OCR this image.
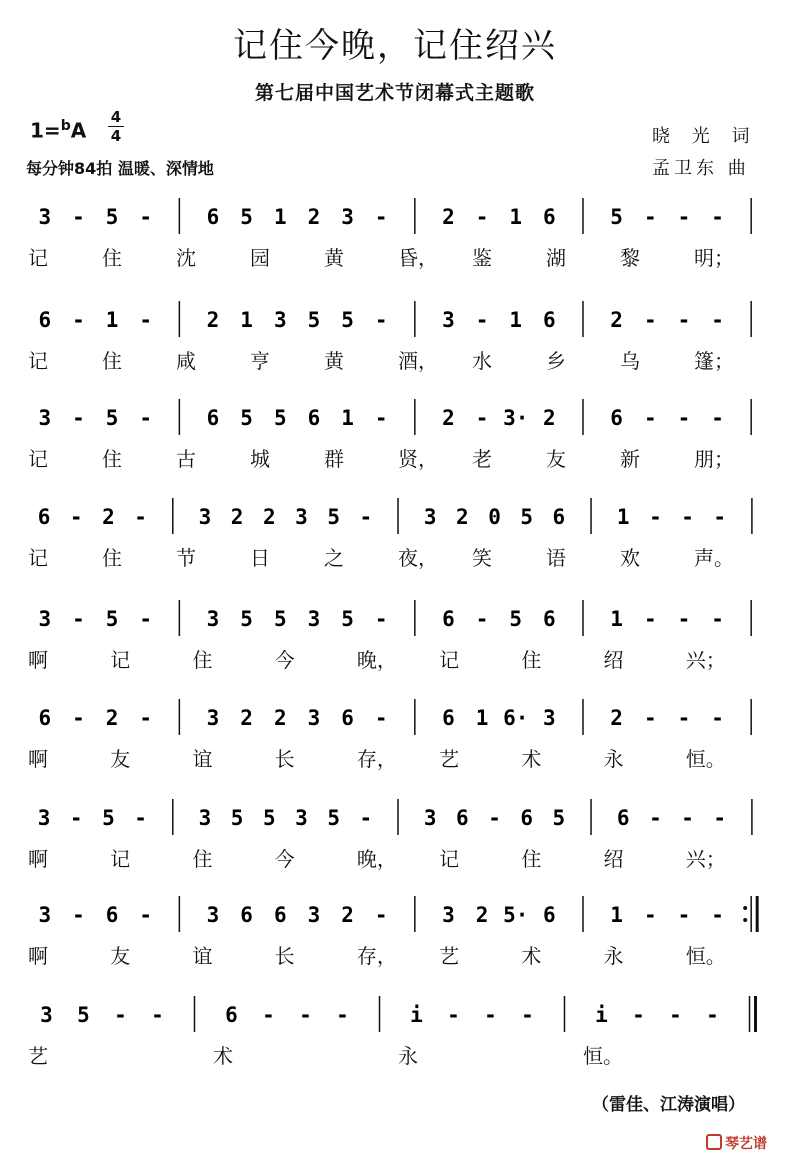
记住今晚，记住绍兴
第七届中国艺术节闭幕式主题歌
1=$^b$A
4
4
每分钟84拍 温暖、深情地
晓 光 词
孟卫东 曲
3 - 5 -	6 5 1 2 3 -	2 - 1 6	5 - - -
记	住	沈	园	黄	昏， 鉴	湖	黎	明；
6 - 1 -	2 1 3 5 5 -	3 - 1 6	2 - - -
记	住	咸	亨	黄	酒， 水	乡	乌	篷；
3 - 5 -	6 5 5 6 1 -	2 - 3· 2	6 - - -
记	住	古	城	群	贤， 老	友	新	朋；
6 - 2 - 3 2 2 3 5 - 3 2 0 5 6 1 - - -
记	住	节	日	之	夜， 笑	语	欢	声。
3 - 5 -	3 5 5 3 5 -	6 - 5 6	1 - - -
啊	记	住	今	晚， 记	住	绍	兴；
6 - 2 -	3 2 2 3 6 -	6 1 6· 3	2 - - -
啊	友	谊	长	存， 艺	术	永	恒。
3 - 5 - 3 5 5 3 5 - 3 6 - 6 5 6 - - -
啊	记	住	今	晚， 记	住	绍	兴；
3 - 6 -	3 6 6 3 2 -	3 2 5· 6	1 - - -
啊	友	谊	长	存， 艺	术	永	恒。
3 5 - -	6 - - -	i - - -	i - - -
艺	术	永	恒。
（雷佳、江涛演唱）
琴艺谱
